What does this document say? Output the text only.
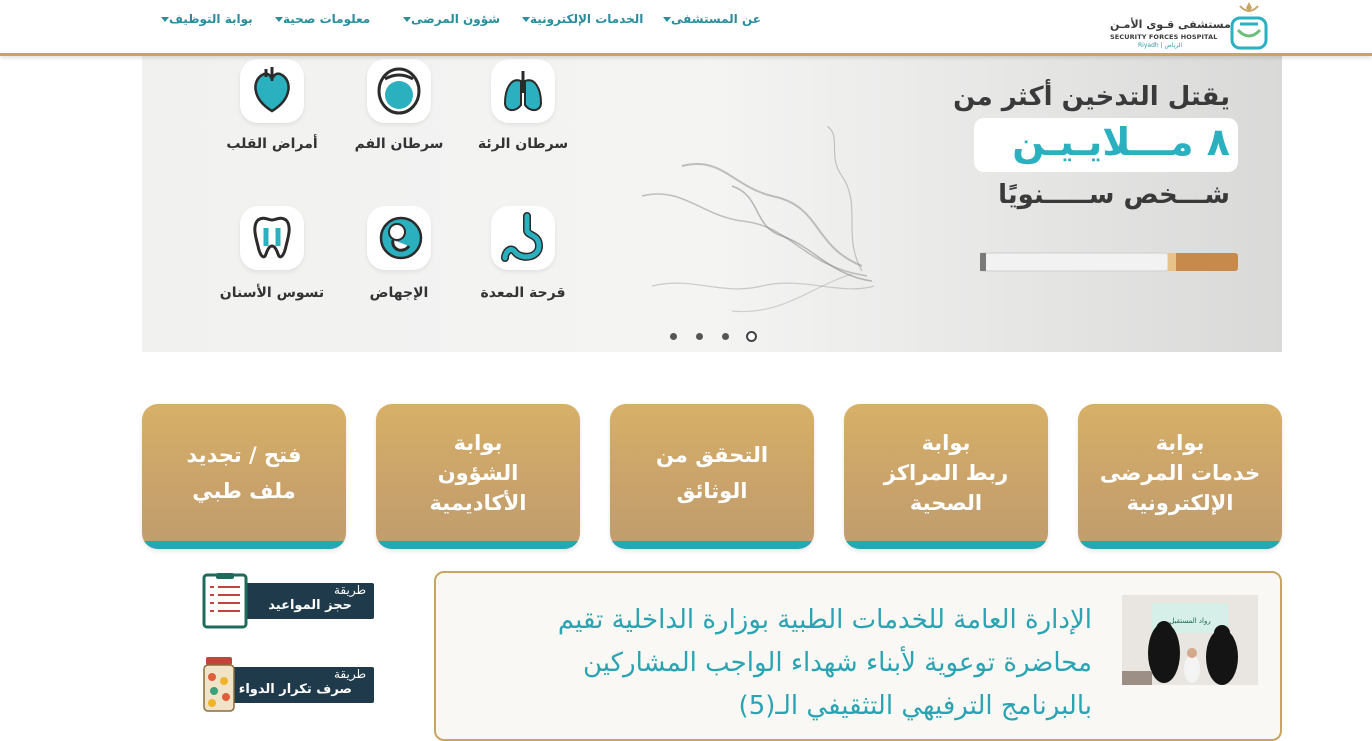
مستشفى قـوى الأمـن
SECURITY FORCES HOSPITAL
Riyadh | الرياض
عن المستشفى
الخدمات الإلكترونية
شؤون المرضى
معلومات صحية
بوابة التوظيف
يقتل التدخين أكثر من
٨ مـــلايـيـن
شـــخص ســـــنويًا
سرطان الرئة
سرطان الفم
أمراض القلب
قرحة المعدة
الإجهاض
تسوس الأسنان
بوابة
خدمات المرضى
الإلكترونية
بوابة
ربط المراكز
الصحية
التحقق من
الوثائق
بوابة
الشؤون
الأكاديمية
فتح / تجديد
ملف طبي
طريقة
حجز المواعيد
طريقة
صرف تكرار الدواء
رواد المستقبل
الإدارة العامة للخدمات الطبية بوزارة الداخلية تقيم محاضرة توعوية لأبناء شهداء الواجب المشاركين بالبرنامج الترفيهي التثقيفي الـ(5)
